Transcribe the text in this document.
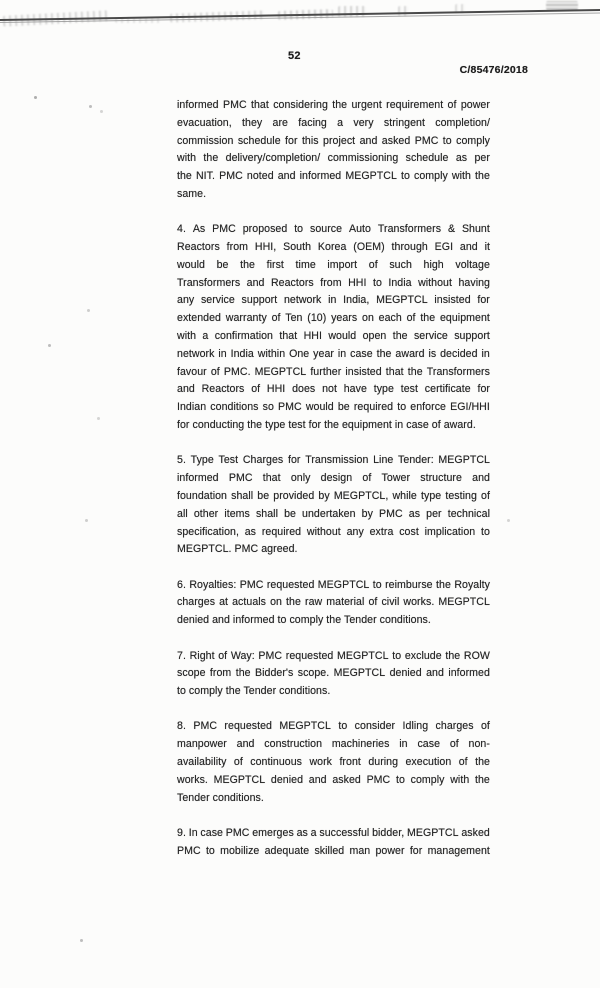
52
C/85476/2018
informed PMC that considering the urgent requirement of power
evacuation, they are facing a very stringent completion/
commission schedule for this project and asked PMC to comply
with the delivery/completion/ commissioning schedule as per
the NIT. PMC noted and informed MEGPTCL to comply with the
same.
4. As PMC proposed to source Auto Transformers & Shunt
Reactors from HHI, South Korea (OEM) through EGI and it
would be the first time import of such high voltage
Transformers and Reactors from HHI to India without having
any service support network in India, MEGPTCL insisted for
extended warranty of Ten (10) years on each of the equipment
with a confirmation that HHI would open the service support
network in India within One year in case the award is decided in
favour of PMC. MEGPTCL further insisted that the Transformers
and Reactors of HHI does not have type test certificate for
Indian conditions so PMC would be required to enforce EGI/HHI
for conducting the type test for the equipment in case of award.
5. Type Test Charges for Transmission Line Tender: MEGPTCL
informed PMC that only design of Tower structure and
foundation shall be provided by MEGPTCL, while type testing of
all other items shall be undertaken by PMC as per technical
specification, as required without any extra cost implication to
MEGPTCL. PMC agreed.
6. Royalties: PMC requested MEGPTCL to reimburse the Royalty
charges at actuals on the raw material of civil works. MEGPTCL
denied and informed to comply the Tender conditions.
7. Right of Way: PMC requested MEGPTCL to exclude the ROW
scope from the Bidder's scope. MEGPTCL denied and informed
to comply the Tender conditions.
8. PMC requested MEGPTCL to consider Idling charges of
manpower and construction machineries in case of non-
availability of continuous work front during execution of the
works. MEGPTCL denied and asked PMC to comply with the
Tender conditions.
9. In case PMC emerges as a successful bidder, MEGPTCL asked
PMC to mobilize adequate skilled man power for management
